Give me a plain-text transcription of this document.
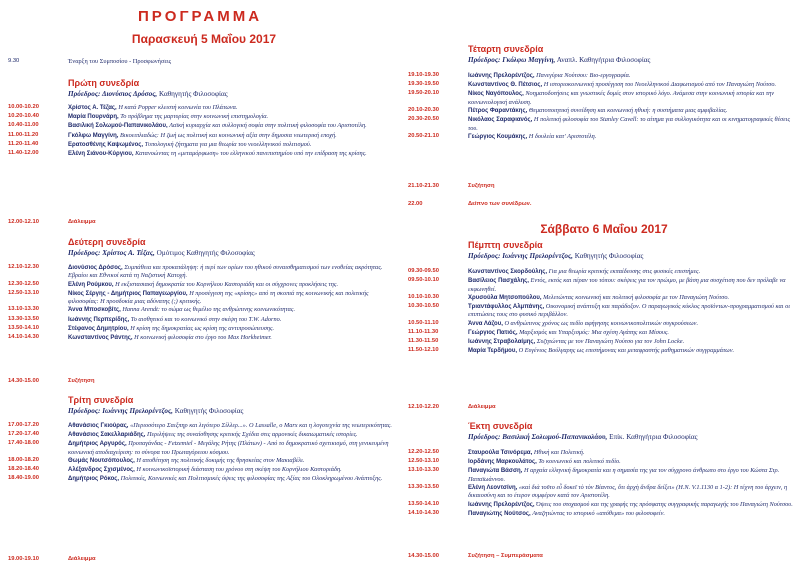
ΠΡΟΓΡΑΜΜΑ
Παρασκευή 5 Μαΐου 2017
9.30	Έναρξη του Συμποσίου - Προσφωνήσεις
Πρώτη συνεδρία
Πρόεδρος: Διονύσιος Δρόσος, Καθηγητής Φιλοσοφίας
10.00-10.20	Χρίστος Α. Τέζας, Η κατά Popper κλειστή κοινωνία του Πλάτωνα.
10.20-10.40	Μαρία Πουρνάρη, Το πρόβλημα της μαρτυρίας στην κοινωνική επιστημολογία.
10.40-11.00	Βασιλική Σολωμού-Παπανικολάου, Λαϊκή κυριαρχία και συλλογική σοφία στην πολιτική φιλοσοφία του Αριστοτέλη.
11.00-11.20	Γκόλφω Μαγγίνη, Βικοειπλιαδώς: Η ζωή ως πολιτική και κοινωνική αξία στην δημοσια νεωτερική εποχή.
11.20-11.40	Ερατοσθένης Καψωμένος, Τυπολογική ζήτηματα για μια θεωρία του νεοελληνικού πολιτισμού.
11.40-12.00	Ελένη Σιάνου-Κύργιου, Κατανοώντας τη «μεταμόρφωση» του ελληνικού πανεπιστημίου υπό την επίδραση της κρίσης.
12.00-12.10	Διάλειμμα
Δεύτερη συνεδρία
Πρόεδρος: Χρίστος Α. Τέζας, Ομότιμος Καθηγητής Φιλοσοφίας
12.10-12.30	Διονύσιος Δρόσος, Συμπάθεια και προκατάληψη: ή περί των ορίων του ηθικού συναισθηματισμού των ενοθείας ακρότητας. Εβραίοι και Εθνικοί κατά τη Ναζιστική Κατοχή.
12.30-12.50	Ελένη Ρούμκου, Η εκξιστασιακή δημοκρατία του Κορνήλιου Καστοριάδη και οι σύγχρονες προκλήσεις της.
12.50-13.10	Νίκος Σέργης - Δημήτριος Παπαγεωργίου, Η προσέγγιση της «κρίσης» από τη σκοπιά της κοινωνικής και πολιτικής φιλοσοφίας: Η προσδοκία μιας αδύνατης (;) κριτικής.
13.10-13.30	Άννα Μποσκοβίτς, Hanna Arendt: το σώμα ως θεμέλιο της ανθρώπινης κοινωνικότητας.
13.30-13.50	Ιωάννης Περπερίδης, Το αισθητικό και το κοινωνικό στην σκέψη του T.W. Adorno.
13.50-14.10	Στέφανος Δημητρίου, Η κρίση της δημοκρατίας ως κρίση της αντιπροσώπευσης.
14.10-14.30	Κωνσταντίνος Ράντης, Η κοινωνική φιλοσοφία στο έργο του Max Horkheimer.
14.30-15.00	Συζήτηση
Τρίτη συνεδρία
Πρόεδρος: Ιωάννης Πρελορέντζος, Καθηγητής Φιλοσοφίας
17.00-17.20	Αθανάσιος Γκιούρας, «Περιοσότερο Σαιξπηρ και λιγότερο Σίλλερ...». Ο Lassalle, ο Marx και η λογοτεχνία της νεωτερικότητας.
17.20-17.40	Αθανάσιος Σακελλαριάδης, Περιλήψεις της συναίσθησης κριτικής Σχέδια στις αρμονικές δικαιωματικές ιστορίες.
17.40-18.00	Δημήτριος Αργυρός, Προπαγάνδας - Fetzemiel - Μεγάλης Ρήτης (Πλάτων) - Από το δημοκρατικό σχετικισμό, στη γενικευμένη κοινωνική αποδιαχείριση: το σύνορα του Πρωταγόρειου κόσμου.
18.00-18.20	Θωμάς Νουτσόπουλος, Η αποθέτηση της πολιτικής δοκιμής της θρησκείας στον Μακιαβέλι.
18.20-18.40	Αλέξανδρος Σχισμένος, Η κοινωνικοϊστορική διάσταση του χρόνου στη σκέψη του Κορνήλιου Καστοριάδη.
18.40-19.00	Δημήτριος Ρόκος, Πολιτικές, Κοινωνικές και Πολιτισμικές όψεις της φιλοσοφίας της Αξίας του Ολοκληρωμένου Ανάπτυξης.
19.00-19.10	Διάλειμμα
Τέταρτη συνεδρία
Πρόεδρος: Γκόλφω Μαγγίνη, Αναπλ. Καθηγήτρια Φιλοσοφίας
19.10-19.30	Ιωάννης Πρελορέντζος, Πανεγύρια Νούτσου: Βιο-εργογραφία.
19.30-19.50	Κωνσταντίνος Θ. Πέτσιος, Η ιστοριοκοινωνική προσέγγιση του Νεοελληνικού Διαφωτισμού από τον Παναγιώτη Νούτσο.
19.50-20.10	Νίκος Ναγόπουλος, Νοηματοδοτήσεις και γνωστικές δομές στον ιστορικό λόγο. Ανάμεσα στην κοινωνική ιστορία και την κοινωνιολογική ανάλυση.
20.10-20.30	Πέτρος Φαραντάκης, Θεματοποιητική συνείδηση και κοινωνική ηθική: η συστήματα μιας αμφιβαλίας.
20.30-20.50	Νικόλαος Σαραφιανός, Η πολιτική φιλοσοφία του Stanley Cavell: το αίτημα για συλλογικότητα και οι κινηματογραφικές θέσεις του.
20.50-21.10	Γεώργιος Κουμάκης, Η δουλεία κατ' Αριστοτέλη.
21.10-21.30	Συζήτηση
22.00	Δείπνο των συνέδρων.
Σάββατο 6 Μαΐου 2017
Πέμπτη συνεδρία
Πρόεδρος: Ιωάννης Πρελορέντζος, Καθηγητής Φιλοσοφίας
09.30-09.50	Κωνσταντίνος Σκορδούλης, Για μια θεωρία κριτικής εκπαίδευσης στις φυσικές επιστήμες.
09.50-10.10	Βασίλειος Πασχάλης, Εντός, εκτός και πέραν του τόπου: σκέψεις για τον πρώιμο, με βάση μια συσχέτιση που δεν πρόλαβε να εκφωνηθεί.
10.10-10.30	Χρυσούλα Μητσοπούλου, Μελετώντας κοινωνική και πολιτική φιλοσοφία με τον Παναγιώτη Νούτσο.
10.30-10.50	Τριαντάφυλλος Αλμπάνης, Οικονομική ανάπτυξη και παράδοξον. Ο παραγωγικός κύκλος προϊόντων-προγραμματισμού και οι επιπτώσεις τους στο φυσικό περιβάλλον.
10.50-11.10	Άννα Λάζου, Ο ανθρώπινος χρόνος ως πεδίο αφήγησης κοινωνικοπολιτικών συγκρούσεων.
11.10-11.30	Γεώργιος Πατιός, Μαρξισμός και Υπαρξισμός: Μια σχέση Αγάπης και Μίσους.
11.30-11.50	Ιωάννης Στραβολαίμης, Συζητώντας με τον Παναγιώτη Νούτσο για τον John Locke.
11.50-12.10	Μαρία Τερδήμου, Ο Ευγένιος Βούλγαρης ως επιστήμονας και μεταφραστής μαθηματικών συγγραμμάτων.
12.10-12.20	Διάλειμμα
Έκτη συνεδρία
Πρόεδρος: Βασιλική Σολωμού-Παπανικολάου, Επίκ. Καθηγήτρια Φιλοσοφίας
12.20-12.50	Σταυρούλα Τσινόρεμα, Ηθική και Πολιτική.
12.50-13.10	Ιορδάνης Μαρκουλάτος, Το κοινωνικό και πολιτικό πεδίο.
13.10-13.30	Παναγιώτα Βάσση, Η αρχαία ελληνική δημοκρατία και η σημασία της για τον σύγχρονο άνθρωπο στο έργο του Κώστα Στρ. Παπαϊωάννου.
13.30-13.50	Ελένη Λεοντσίνη, «καὶ διὰ τοῦτο εὖ δοκεῖ τὸ τὸν Βίαντος, ὅτι ἀρχὴ ἄνδρα δείξει» (Η.Ν. V.1.1130 α 1-2): Η τέχνη του άρχειν, η δικαιοσύνη και το έτερον συμφέρον κατά τον Αριστοτέλη.
13.50-14.10	Ιωάννης Πρελορέντζος, Όψεις του στοχασμού και της γραφής της πρόσφατης συγγραφικής παραγωγής του Παναγιώτη Νούτσου.
14.10-14.30	Παναγιώτης Νούτσος, Αναζητώντας το ιστορικό «απόθεμα» του φιλοσοφείν.
14.30-15.00	Συζήτηση – Συμπεράσματα
